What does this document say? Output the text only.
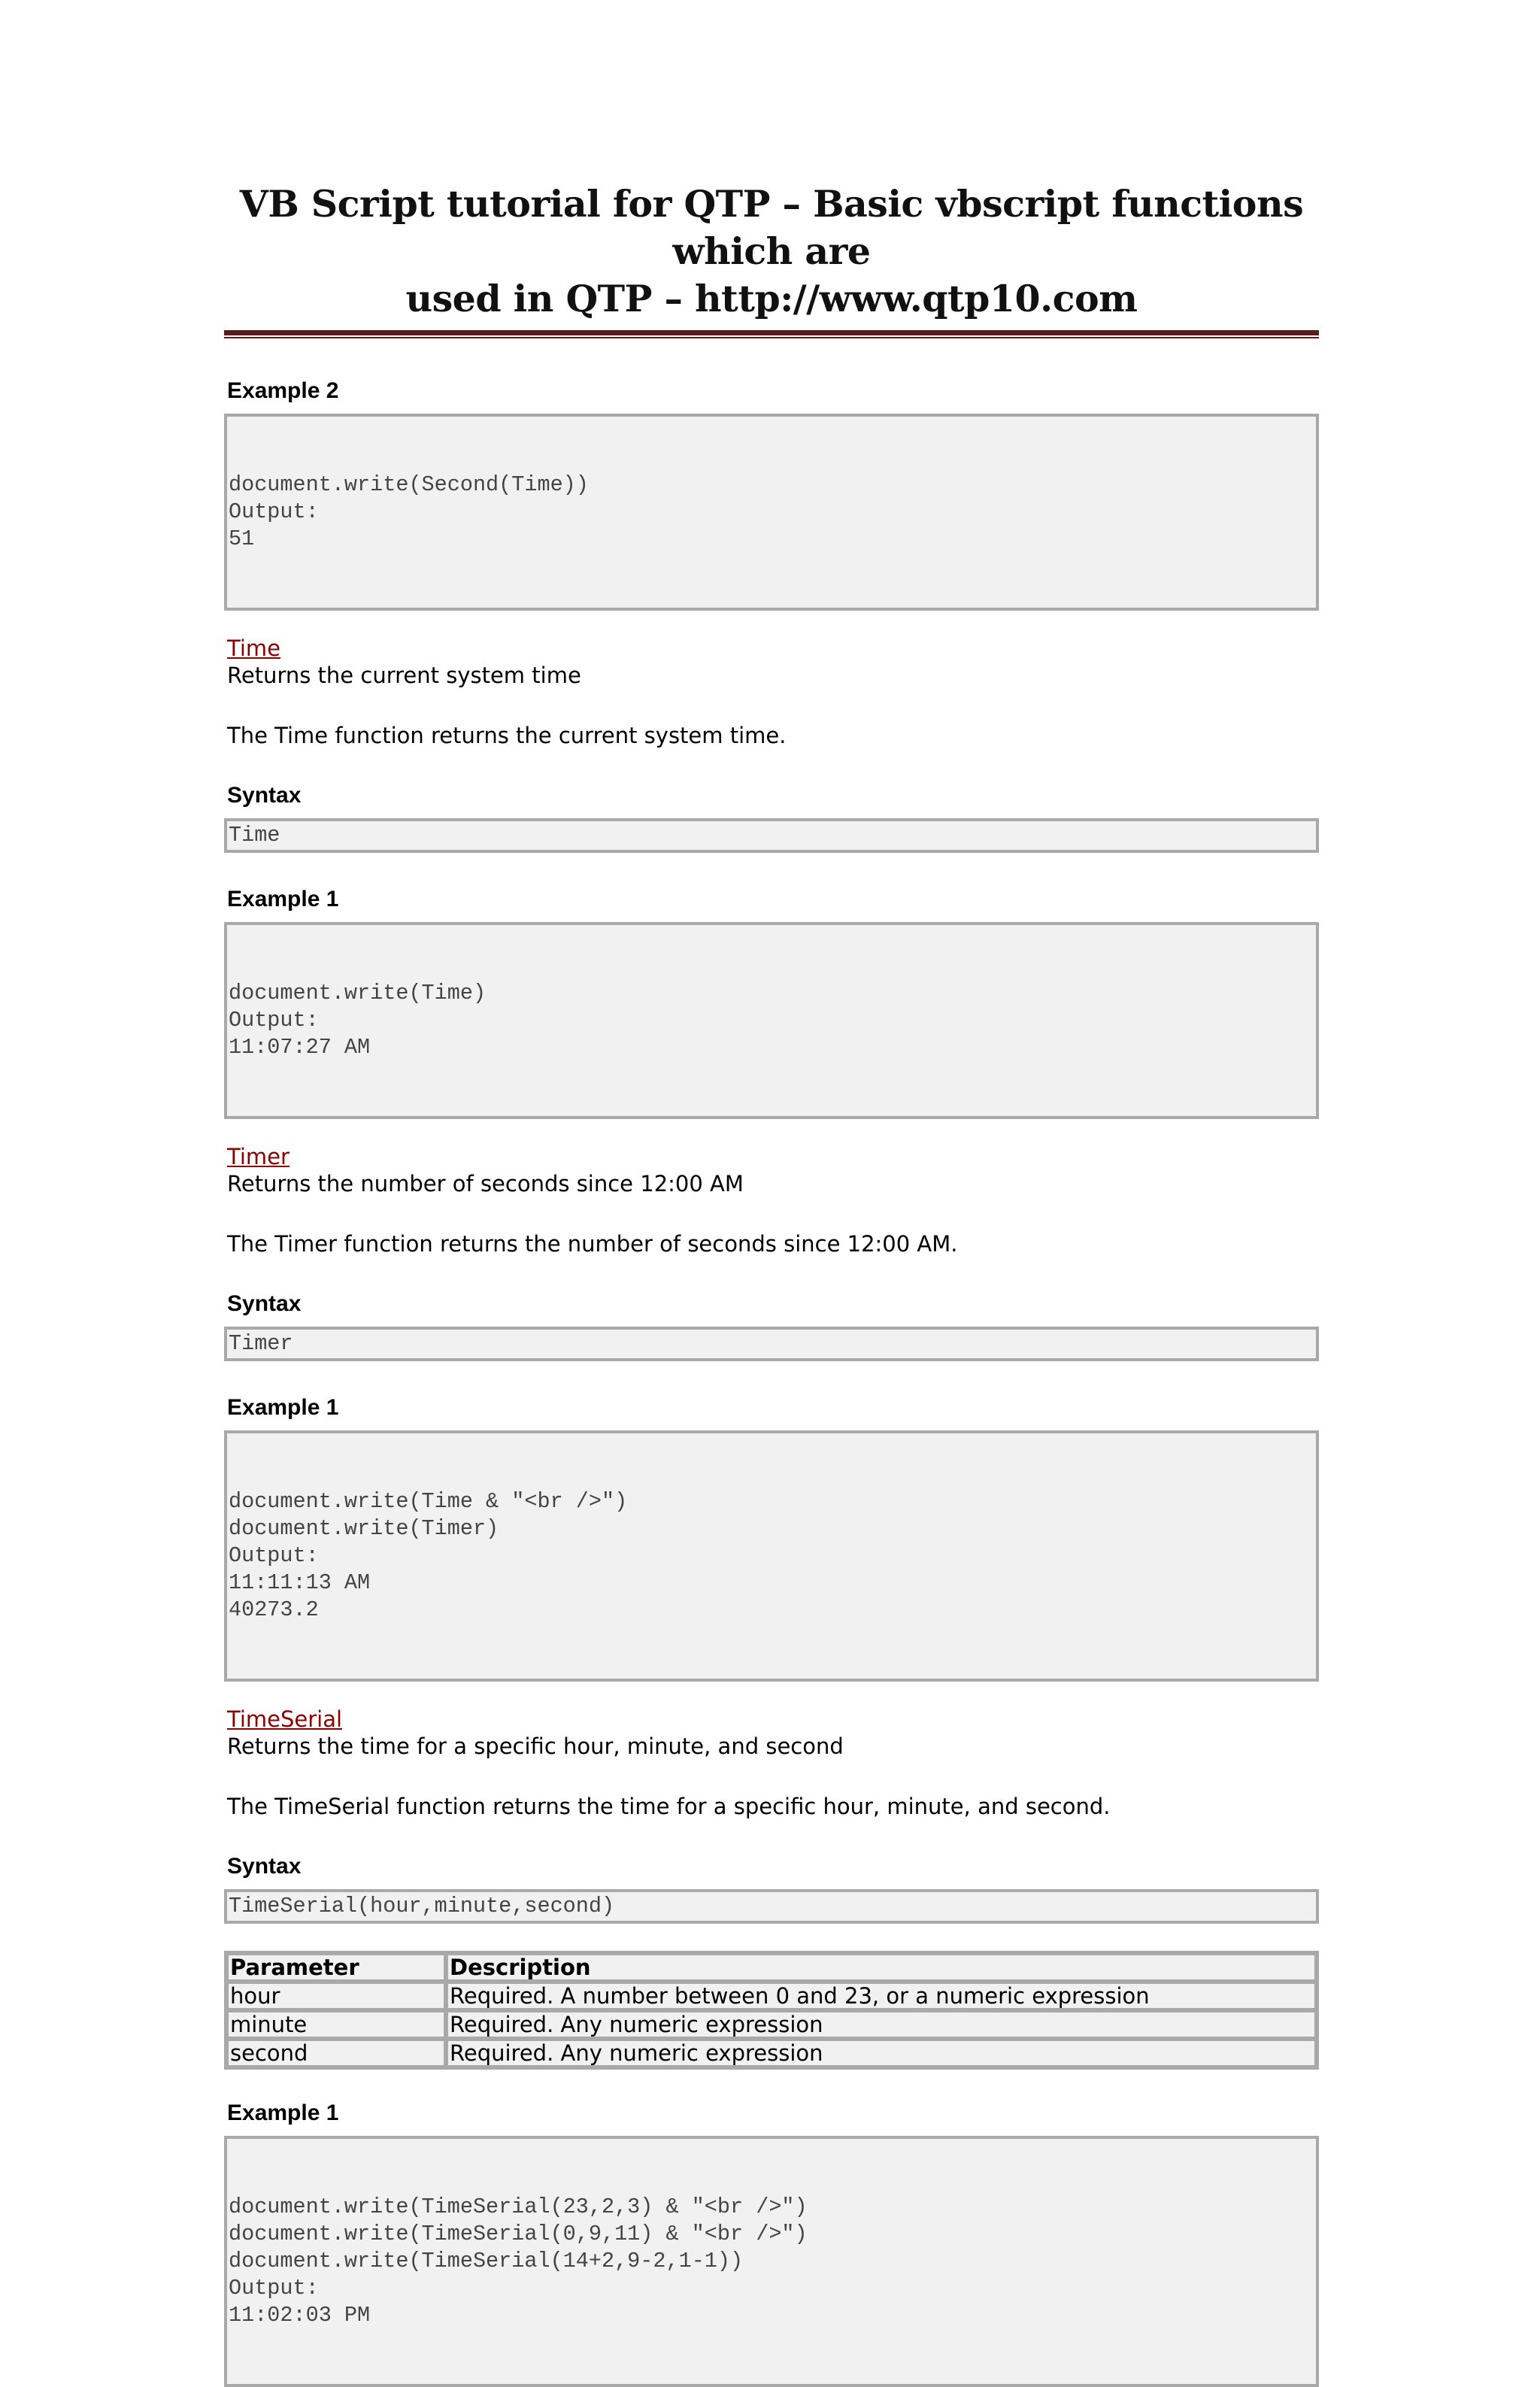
VB Script tutorial for QTP – Basic vbscript functions which are
used in QTP – http://www.qtp10.com

Example 2

document.write(Second(Time))
Output:
51

Time

Returns the current system time

The Time function returns the current system time.

Syntax

Time

Example 1

document.write(Time)
Output:
11:07:27 AM

Timer

Returns the number of seconds since 12:00 AM

The Timer function returns the number of seconds since 12:00 AM.

Syntax

Timer

Example 1

document.write(Time & "<br />")
document.write(Timer)
Output:
11:11:13 AM
40273.2

TimeSerial

Returns the time for a specific hour, minute, and second

The TimeSerial function returns the time for a specific hour, minute, and second.

Syntax

TimeSerial(hour,minute,second)
Parameter	Description
hour	Required. A number between 0 and 23, or a numeric expression
minute	Required. Any numeric expression
second	Required. Any numeric expression

Example 1

document.write(TimeSerial(23,2,3) & "<br />")
document.write(TimeSerial(0,9,11) & "<br />")
document.write(TimeSerial(14+2,9-2,1-1))
Output:
11:02:03 PM
